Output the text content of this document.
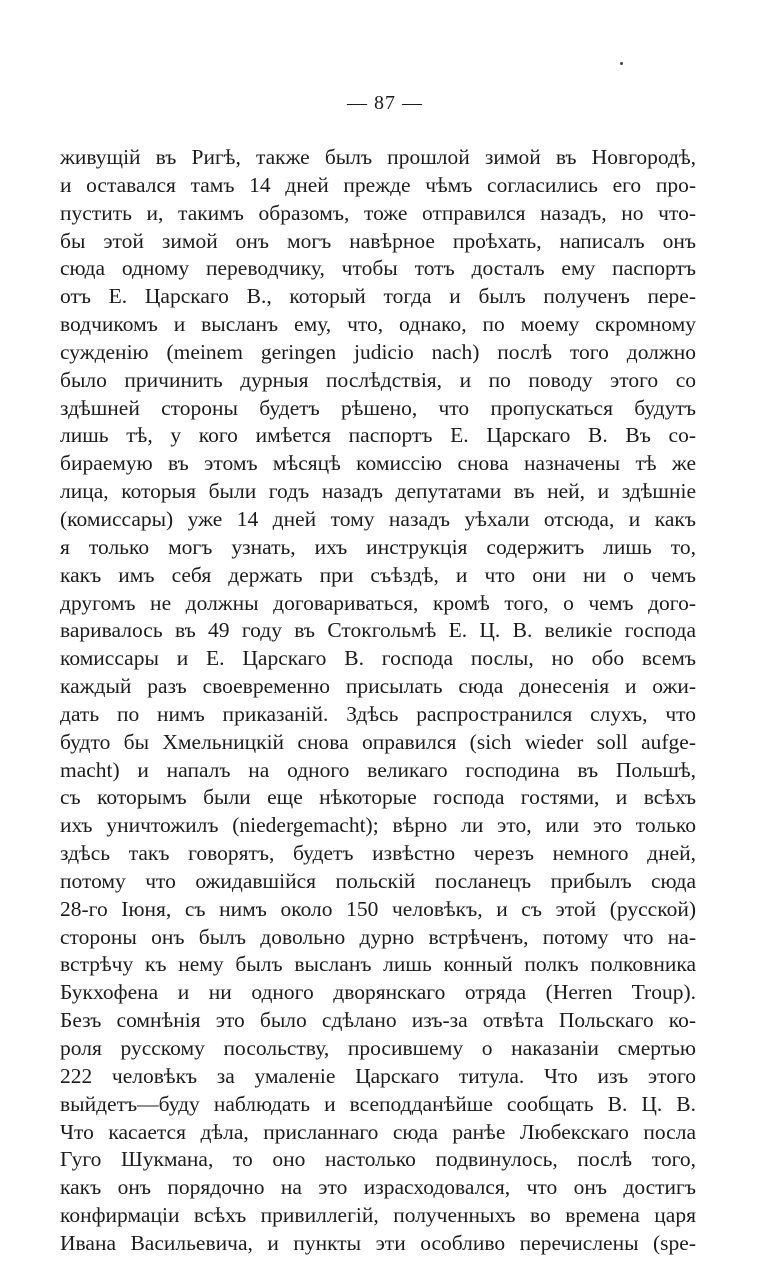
— 87 —
живущій въ Ригѣ, также былъ прошлой зимой въ Новгородѣ,
и оставался тамъ 14 дней прежде чѣмъ согласились его про-
пустить и, такимъ образомъ, тоже отправился назадъ, но что-
бы этой зимой онъ могъ навѣрное проѣхать, написалъ онъ
сюда одному переводчику, чтобы тотъ досталъ ему паспортъ
отъ Е. Царскаго В., который тогда и былъ полученъ пере-
водчикомъ и высланъ ему, что, однако, по моему скромному
сужденію (meinem geringen judicio nach) послѣ того должно
было причинить дурныя послѣдствія, и по поводу этого со
здѣшней стороны будетъ рѣшено, что пропускаться будутъ
лишь тѣ, у кого имѣется паспортъ Е. Царскаго В. Въ со-
бираемую въ этомъ мѣсяцѣ комиссію снова назначены тѣ же
лица, которыя были годъ назадъ депутатами въ ней, и здѣшніе
(комиссары) уже 14 дней тому назадъ уѣхали отсюда, и какъ
я только могъ узнать, ихъ инструкція содержитъ лишь то,
какъ имъ себя держать при съѣздѣ, и что они ни о чемъ
другомъ не должны договариваться, кромѣ того, о чемъ дого-
варивалось въ 49 году въ Стокгольмѣ Е. Ц. В. великіе господа
комиссары и Е. Царскаго В. господа послы, но обо всемъ
каждый разъ своевременно присылать сюда донесенія и ожи-
дать по нимъ приказаній. Здѣсь распространился слухъ, что
будто бы Хмельницкій снова оправился (sich wieder soll aufge-
macht) и напалъ на одного великаго господина въ Польшѣ,
съ которымъ были еще нѣкоторые господа гостями, и всѣхъ
ихъ уничтожилъ (niedergemacht); вѣрно ли это, или это только
здѣсь такъ говорятъ, будетъ извѣстно черезъ немного дней,
потому что ожидавшійся польскій посланецъ прибылъ сюда
28-го Іюня, съ нимъ около 150 человѣкъ, и съ этой (русской)
стороны онъ былъ довольно дурно встрѣченъ, потому что на-
встрѣчу къ нему былъ высланъ лишь конный полкъ полковника
Букхофена и ни одного дворянскаго отряда (Herren Troup).
Безъ сомнѣнія это было сдѣлано изъ-за отвѣта Польскаго ко-
роля русскому посольству, просившему о наказаніи смертью
222 человѣкъ за умаленіе Царскаго титула. Что изъ этого
выйдетъ—буду наблюдать и всеподданѣйше сообщать В. Ц. В.
Что касается дѣла, присланнаго сюда ранѣе Любекскаго посла
Гуго Шукмана, то оно настолько подвинулось, послѣ того,
какъ онъ порядочно на это израсходовался, что онъ достигъ
конфирмаціи всѣхъ привиллегій, полученныхъ во времена царя
Ивана Васильевича, и пункты эти особливо перечислены (spe-
